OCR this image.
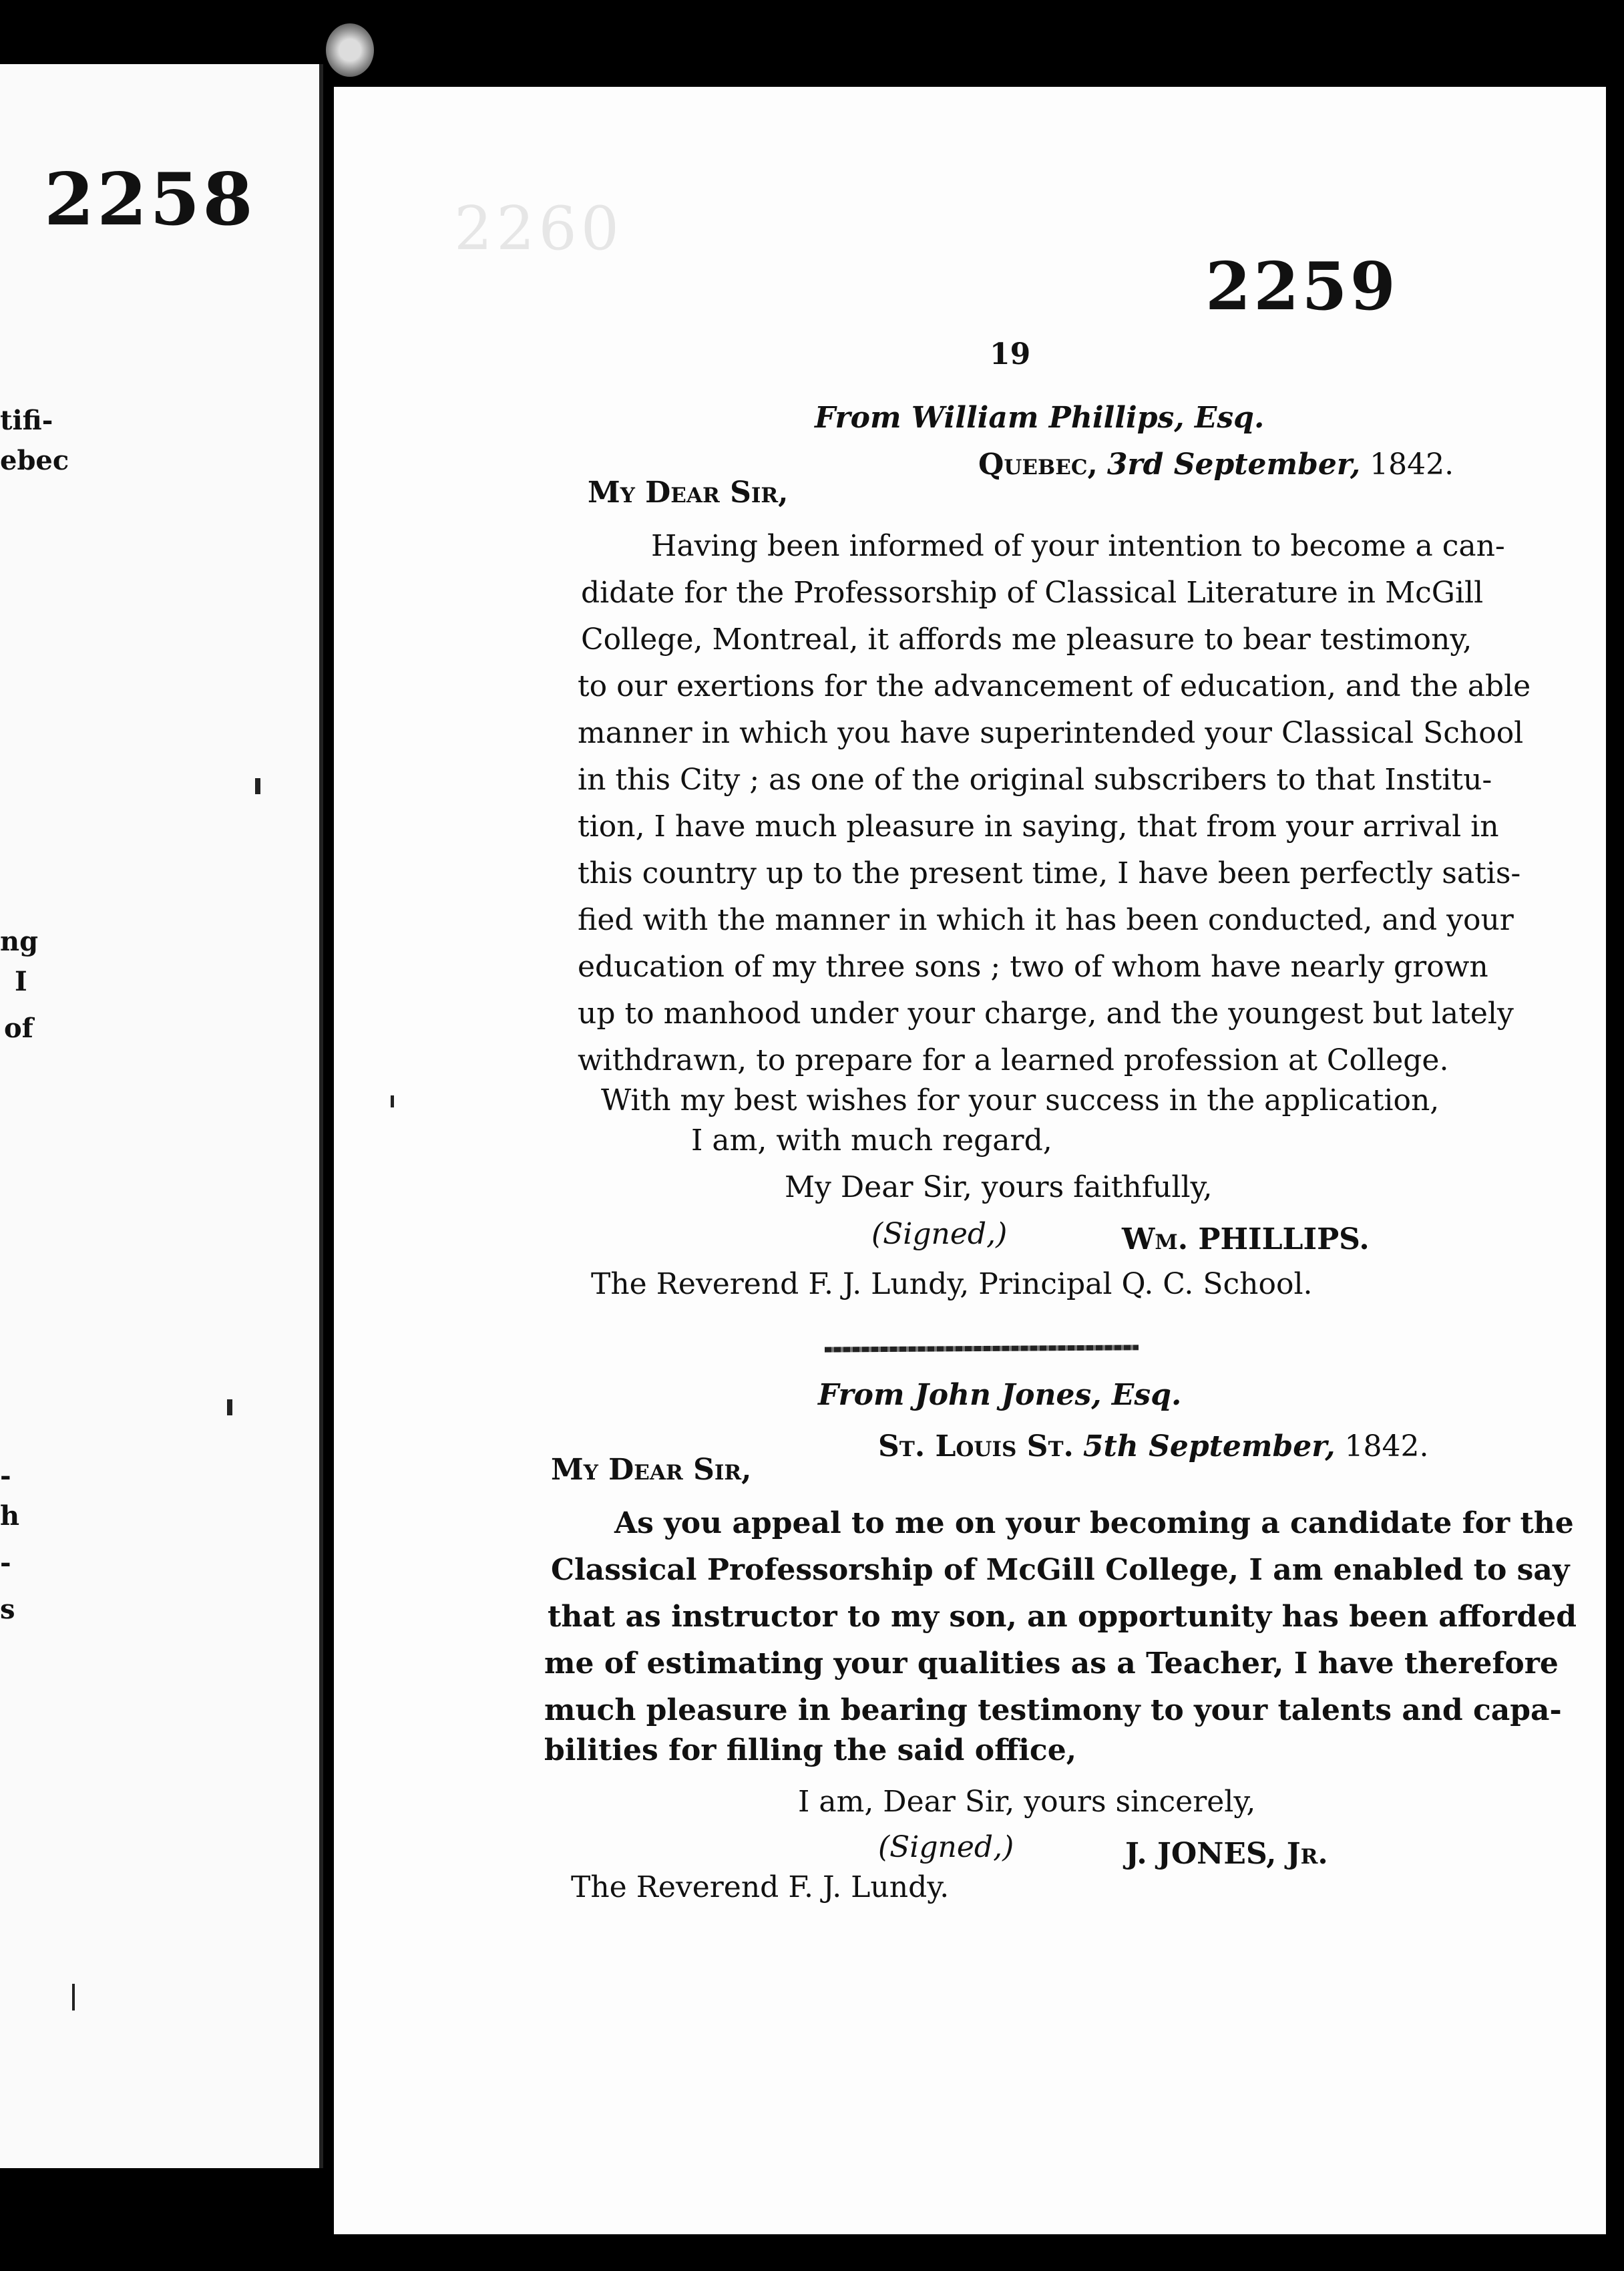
2258
tifi-
ebec
ng
I
of
-
h
-
s
2260
2259
19
From William Phillips, Esq.
Quebec, 3rd September, 1842.
My Dear Sir,
Having been informed of your intention to become a can-
didate for the Professorship of Classical Literature in McGill
College, Montreal, it affords me pleasure to bear testimony,
to our exertions for the advancement of education, and the able
manner in which you have superintended your Classical School
in this City ; as one of the original subscribers to that Institu-
tion, I have much pleasure in saying, that from your arrival in
this country up to the present time, I have been perfectly satis-
fied with the manner in which it has been conducted, and your
education of my three sons ; two of whom have nearly grown
up to manhood under your charge, and the youngest but lately
withdrawn, to prepare for a learned profession at College.
With my best wishes for your success in the application,
I am, with much regard,
My Dear Sir, yours faithfully,
(Signed,)	Wm. PHILLIPS.
The Reverend F. J. Lundy, Principal Q. C. School.
From John Jones, Esq.
St. Louis St. 5th September, 1842.
My Dear Sir,
As you appeal to me on your becoming a candidate for the
Classical Professorship of McGill College, I am enabled to say
that as instructor to my son, an opportunity has been afforded
me of estimating your qualities as a Teacher, I have therefore
much pleasure in bearing testimony to your talents and capa-
bilities for filling the said office,
I am, Dear Sir, yours sincerely,
(Signed,)	J. JONES, Jr.
The Reverend F. J. Lundy.
